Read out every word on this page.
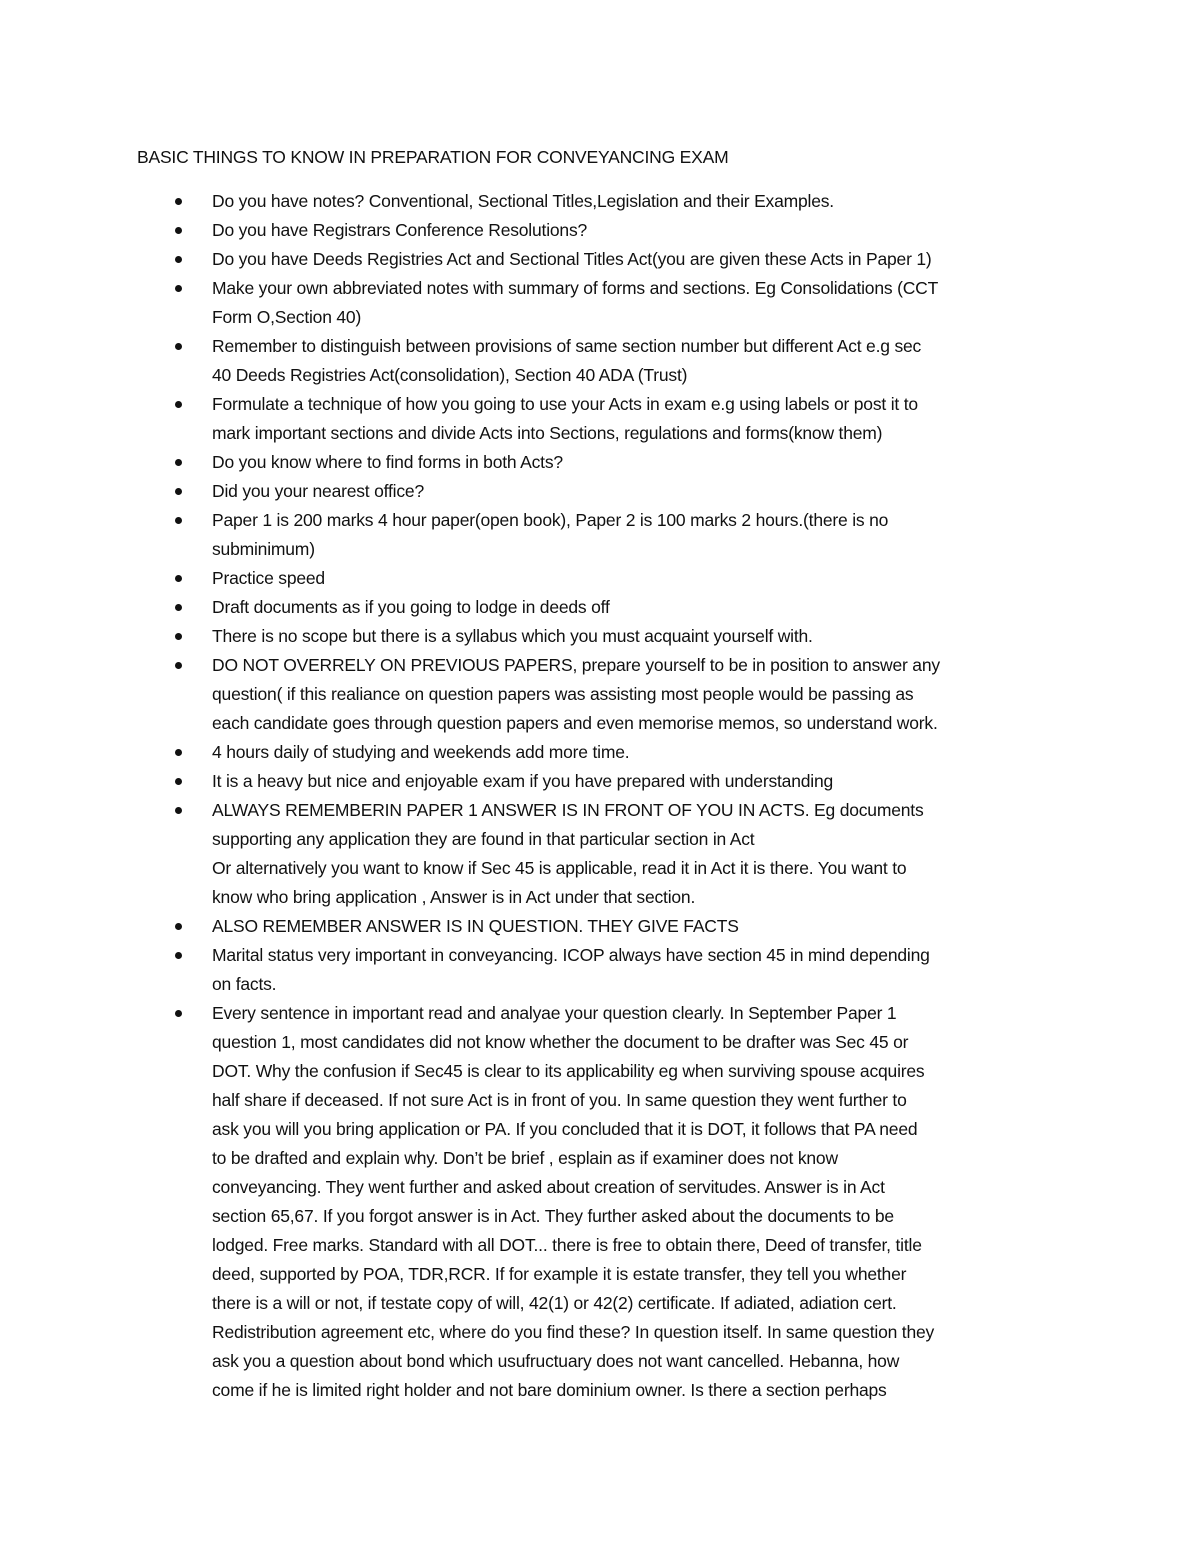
BASIC THINGS TO KNOW IN PREPARATION FOR CONVEYANCING EXAM
Do you have notes? Conventional, Sectional Titles,Legislation and their Examples.
Do you have Registrars Conference Resolutions?
Do you have Deeds Registries Act and Sectional Titles Act(you are given these Acts in Paper 1)
Make your own abbreviated notes with summary of forms and sections. Eg Consolidations (CCT
Form O,Section 40)
Remember to distinguish between provisions of same section number but different Act e.g sec
40 Deeds Registries Act(consolidation), Section 40 ADA (Trust)
Formulate a technique of how you going to use your Acts in exam e.g using labels or post it to
mark important sections and divide Acts into Sections, regulations and forms(know them)
Do you know where to find forms in both Acts?
Did you your nearest office?
Paper 1 is 200 marks 4 hour paper(open book), Paper 2 is 100 marks 2 hours.(there is no
subminimum)
Practice speed
Draft documents as if you going to lodge in deeds off
There is no scope but there is a syllabus which you must acquaint yourself with.
DO NOT OVERRELY ON PREVIOUS PAPERS, prepare yourself to be in position to answer any
question( if this realiance on question papers was assisting most people would be passing as
each candidate goes through question papers and even memorise memos, so understand work.
4 hours daily of studying and weekends add more time.
It is a heavy but nice and enjoyable exam if you have prepared with understanding
ALWAYS REMEMBERIN PAPER 1 ANSWER IS IN FRONT OF YOU IN ACTS. Eg documents
supporting any application they are found in that particular section in Act
Or alternatively you want to know if Sec 45 is applicable, read it in Act it is there. You want to
know who bring application , Answer is in Act under that section.
ALSO REMEMBER ANSWER IS IN QUESTION. THEY GIVE FACTS
Marital status very important in conveyancing. ICOP always have section 45 in mind depending
on facts.
Every sentence in important read and analyae your question clearly. In September Paper 1
question 1, most candidates did not know whether the document to be drafter was Sec 45 or
DOT. Why the confusion if Sec45 is clear to its applicability eg when surviving spouse acquires
half share if deceased. If not sure Act is in front of you. In same question they went further to
ask you will you bring application or PA. If you concluded that it is DOT, it follows that PA need
to be drafted and explain why. Don’t be brief , esplain as if examiner does not know
conveyancing. They went further and asked about creation of servitudes. Answer is in Act
section 65,67. If you forgot answer is in Act. They further asked about the documents to be
lodged. Free marks. Standard with all DOT... there is free to obtain there, Deed of transfer, title
deed, supported by POA, TDR,RCR. If for example it is estate transfer, they tell you whether
there is a will or not, if testate copy of will, 42(1) or 42(2) certificate. If adiated, adiation cert.
Redistribution agreement etc, where do you find these? In question itself. In same question they
ask you a question about bond which usufructuary does not want cancelled. Hebanna, how
come if he is limited right holder and not bare dominium owner. Is there a section perhaps
